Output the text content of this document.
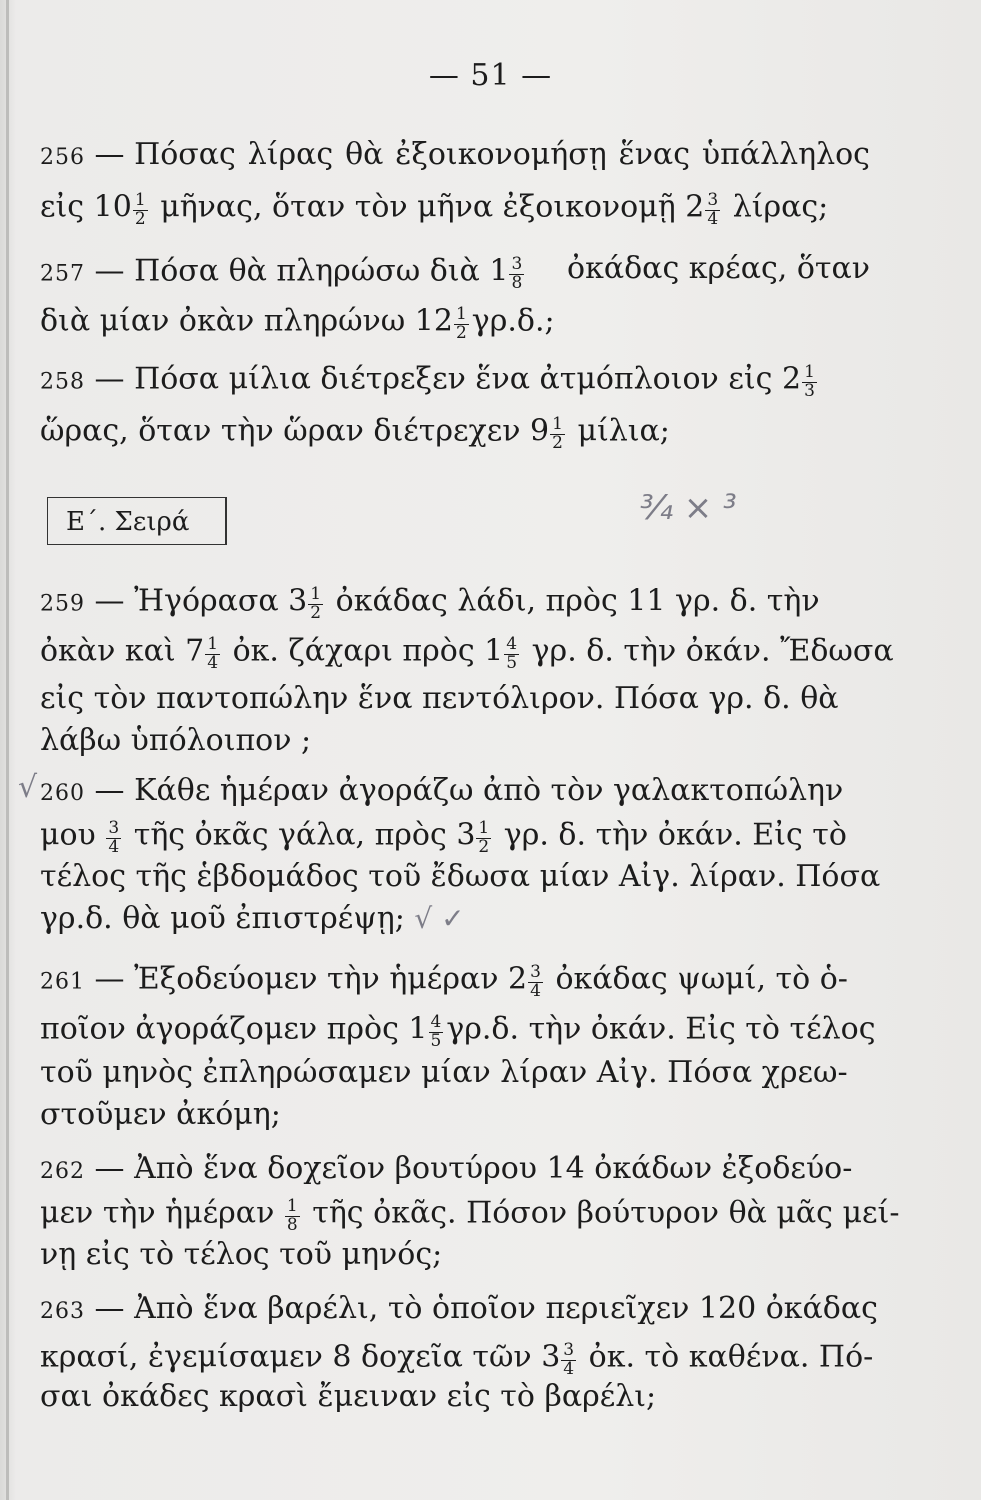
— 51 —
256 — Πόσας λίρας θὰ ἐξοικονομήσῃ ἕνας ὑπάλληλος
εἰς $10 \frac{1}{2}$ μῆνας, ὅταν τὸν μῆνα ἐξοικονομῇ $2 \frac{3}{4} \lambda ί\rho\alpha\varsigma$;
257 — Πόσα θὰ πληρώσω διὰ $1 \frac{3}{8}$ ὀκάδας κρέας, ὅταν
διὰ μίαν ὀκὰν πληρώνω $12 \frac{1}{2} \gamma\rho.\delta$.;
258 — Πόσα μίλια διέτρεξεν ἕνα ἀτμόπλοιον εἰς $2 \frac{1}{3}$
ὥρας, ὅταν τὴν ὥραν διέτρεχεν $9 \frac{1}{2} \mu ί\lambda\iota\alpha$;
Ε΄. Σειρά	¾ × ³
259 — Ἠγόρασα $3 \frac{1}{2}$ ὀκάδας λάδι, πρὸς 11 γρ. δ. τὴν
ὀκὰν καὶ $7 \frac{1}{4}$ ὀκ. ζάχαρι πρὸς $1 \frac{4}{5} \gamma\rho$. δ. τὴν ὀκάν. Ἔδωσα
εἰς τὸν παντοπώλην ἕνα πεντόλιρον. Πόσα γρ. δ. θὰ
λάβω ὑπόλοιπον ;
√ 260 — Κάθε ἡμέραν ἀγοράζω ἀπὸ τὸν γαλακτοπώλην
μου $\frac{3}{4}$ τῆς ὀκᾶς γάλα, πρὸς $3 \frac{1}{2} \gamma\rho$. δ. τὴν ὀκάν. Εἰς τὸ
τέλος τῆς ἑβδομάδος τοῦ ἔδωσα μίαν Αἰγ. λίραν. Πόσα
γρ.δ. θὰ μοῦ ἐπιστρέψῃ; √ ✓
261 — Ἐξοδεύομεν τὴν ἡμέραν $2 \frac{3}{4}$ ὀκάδας ψωμί, τὸ ὁ-
ποῖον ἀγοράζομεν πρὸς $1 \frac{4}{5} \gamma\rho.\delta$. τὴν ὀκάν. Εἰς τὸ τέλος
τοῦ μηνὸς ἐπληρώσαμεν μίαν λίραν Αἰγ. Πόσα χρεω-
στοῦμεν ἀκόμη;
262 — Ἀπὸ ἕνα δοχεῖον βουτύρου 14 ὀκάδων ἐξοδεύο-
μεν τὴν ἡμέραν $\frac{1}{8}$ τῆς ὀκᾶς. Πόσον βούτυρον θὰ μᾶς μεί-
νῃ εἰς τὸ τέλος τοῦ μηνός;
263 — Ἀπὸ ἕνα βαρέλι, τὸ ὁποῖον περιεῖχεν 120 ὀκάδας
κρασί, ἐγεμίσαμεν 8 δοχεῖα τῶν $3 \frac{3}{4}$ ὀκ. τὸ καθένα. Πό-
σαι ὀκάδες κρασὶ ἔμειναν εἰς τὸ βαρέλι;
